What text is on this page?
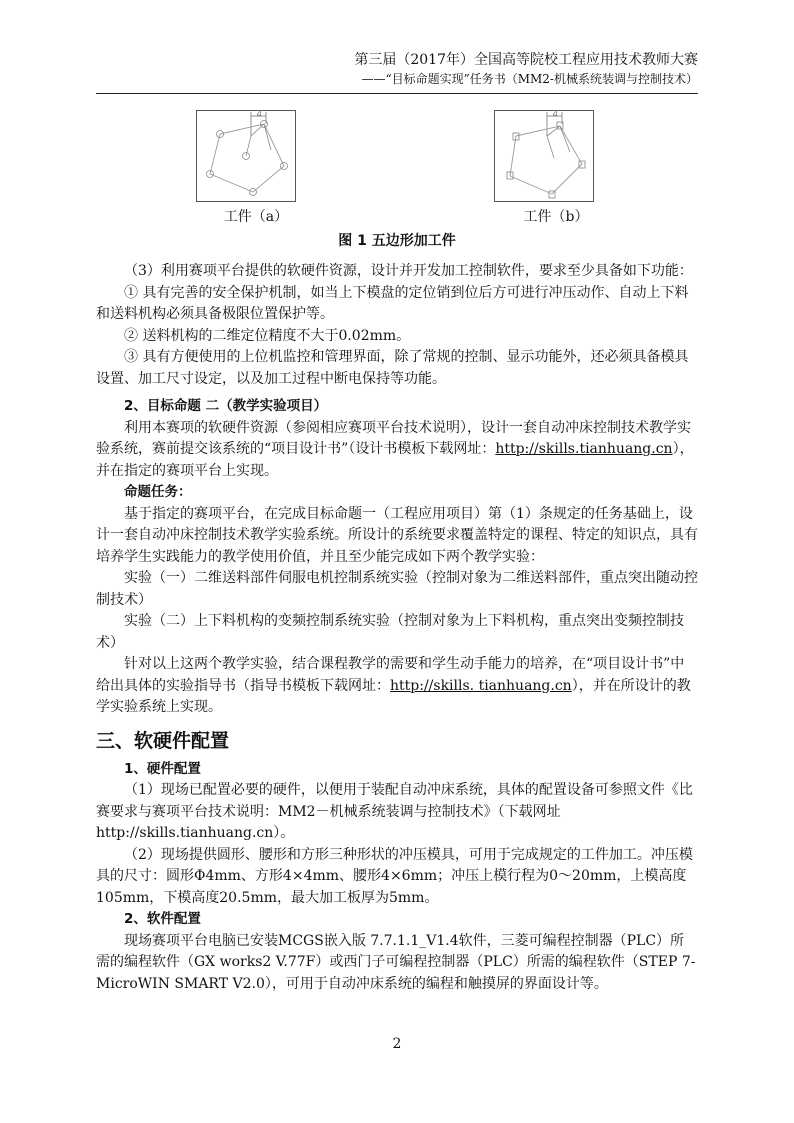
第三届（2017年）全国高等院校工程应用技术教师大赛
——“目标命题实现”任务书（MM2-机械系统装调与控制技术）
a	a
工件（a）	工件（b）
图 1 五边形加工件

（3）利用赛项平台提供的软硬件资源，设计并开发加工控制软件，要求至少具备如下功能：

① 具有完善的安全保护机制，如当上下模盘的定位销到位后方可进行冲压动作、自动上下料和送料机构必须具备极限位置保护等。

② 送料机构的二维定位精度不大于0.02mm。

③ 具有方便使用的上位机监控和管理界面，除了常规的控制、显示功能外，还必须具备模具设置、加工尺寸设定，以及加工过程中断电保持等功能。

2、目标命题 二（教学实验项目）

利用本赛项的软硬件资源（参阅相应赛项平台技术说明），设计一套自动冲床控制技术教学实验系统，赛前提交该系统的“项目设计书”（设计书模板下载网址：http://skills.tianhuang.cn），并在指定的赛项平台上实现。

命题任务：

基于指定的赛项平台，在完成目标命题一（工程应用项目）第（1）条规定的任务基础上，设计一套自动冲床控制技术教学实验系统。所设计的系统要求覆盖特定的课程、特定的知识点，具有培养学生实践能力的教学使用价值，并且至少能完成如下两个教学实验：

实验（一）二维送料部件伺服电机控制系统实验（控制对象为二维送料部件，重点突出随动控制技术）

实验（二）上下料机构的变频控制系统实验（控制对象为上下料机构，重点突出变频控制技术）

针对以上这两个教学实验，结合课程教学的需要和学生动手能力的培养，在“项目设计书”中给出具体的实验指导书（指导书模板下载网址：http://skills. tianhuang.cn），并在所设计的教学实验系统上实现。

三、软硬件配置

1、硬件配置

（1）现场已配置必要的硬件，以便用于装配自动冲床系统，具体的配置设备可参照文件《比赛要求与赛项平台技术说明：MM2－机械系统装调与控制技术》（下载网址http://skills.tianhuang.cn）。

（2）现场提供圆形、腰形和方形三种形状的冲压模具，可用于完成规定的工件加工。冲压模具的尺寸：圆形Φ4mm、方形4×4mm、腰形4×6mm；冲压上模行程为0～20mm，上模高度105mm，下模高度20.5mm，最大加工板厚为5mm。

2、软件配置

现场赛项平台电脑已安装MCGS嵌入版 7.7.1.1_V1.4软件，三菱可编程控制器（PLC）所需的编程软件（GX works2 V.77F）或西门子可编程控制器（PLC）所需的编程软件（STEP 7-MicroWIN SMART V2.0），可用于自动冲床系统的编程和触摸屏的界面设计等。

2
